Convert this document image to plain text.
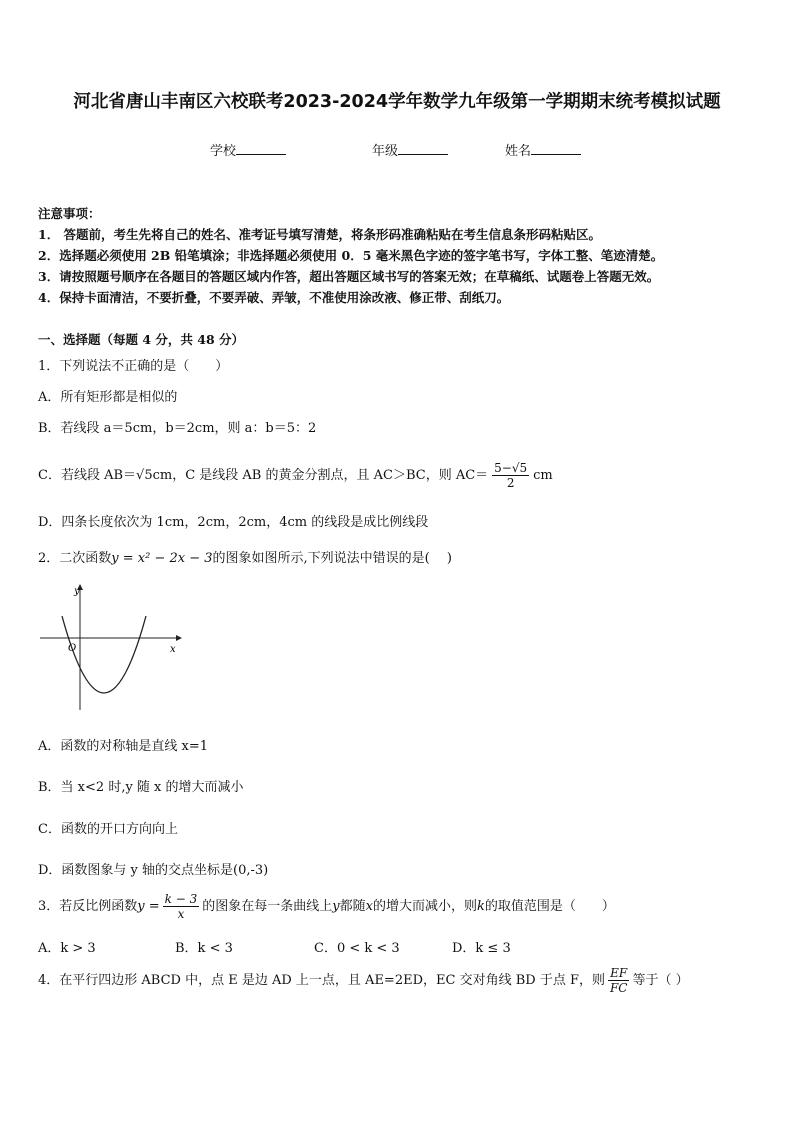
河北省唐山丰南区六校联考2023-2024学年数学九年级第一学期期末统考模拟试题
学校	年级	姓名
注意事项：
1． 答题前，考生先将自己的姓名、准考证号填写清楚，将条形码准确粘贴在考生信息条形码粘贴区。
2．选择题必须使用 2B 铅笔填涂；非选择题必须使用 0．5 毫米黑色字迹的签字笔书写，字体工整、笔迹清楚。
3．请按照题号顺序在各题目的答题区域内作答，超出答题区域书写的答案无效；在草稿纸、试题卷上答题无效。
4．保持卡面清洁，不要折叠，不要弄破、弄皱，不准使用涂改液、修正带、刮纸刀。
一、选择题（每题 4 分，共 48 分）
1．下列说法不正确的是（　　）
A．所有矩形都是相似的
B．若线段 a＝5cm，b＝2cm，则 a：b＝5：2
C．若线段 AB＝√5cm，C 是线段 AB 的黄金分割点，且 AC＞BC，则 $AC= \frac{5-√5}{2}$ cm
D．四条长度依次为 1cm，2cm，2cm，4cm 的线段是成比例线段
2．二次函数y = x² − 2x − 3的图象如图所示,下列说法中错误的是(　 )
y
x
O
A．函数的对称轴是直线 x=1
B．当 x<2 时,y 随 x 的增大而减小
C．函数的开口方向向上
D．函数图象与 y 轴的交点坐标是(0,-3)
3．若反比例函数$y = \frac{k - 3}{x}$ 的图象在每一条曲线上y都随x的增大而减小，则k的取值范围是（　　）
A．k > 3	B．k < 3	C．0 < k < 3	D．k ≤ 3
4．在平行四边形 ABCD 中，点 E 是边 AD 上一点，且 AE=2ED，EC 交对角线 BD 于点 F，则 $\frac{EF}{FC}$ 等于（ ）
